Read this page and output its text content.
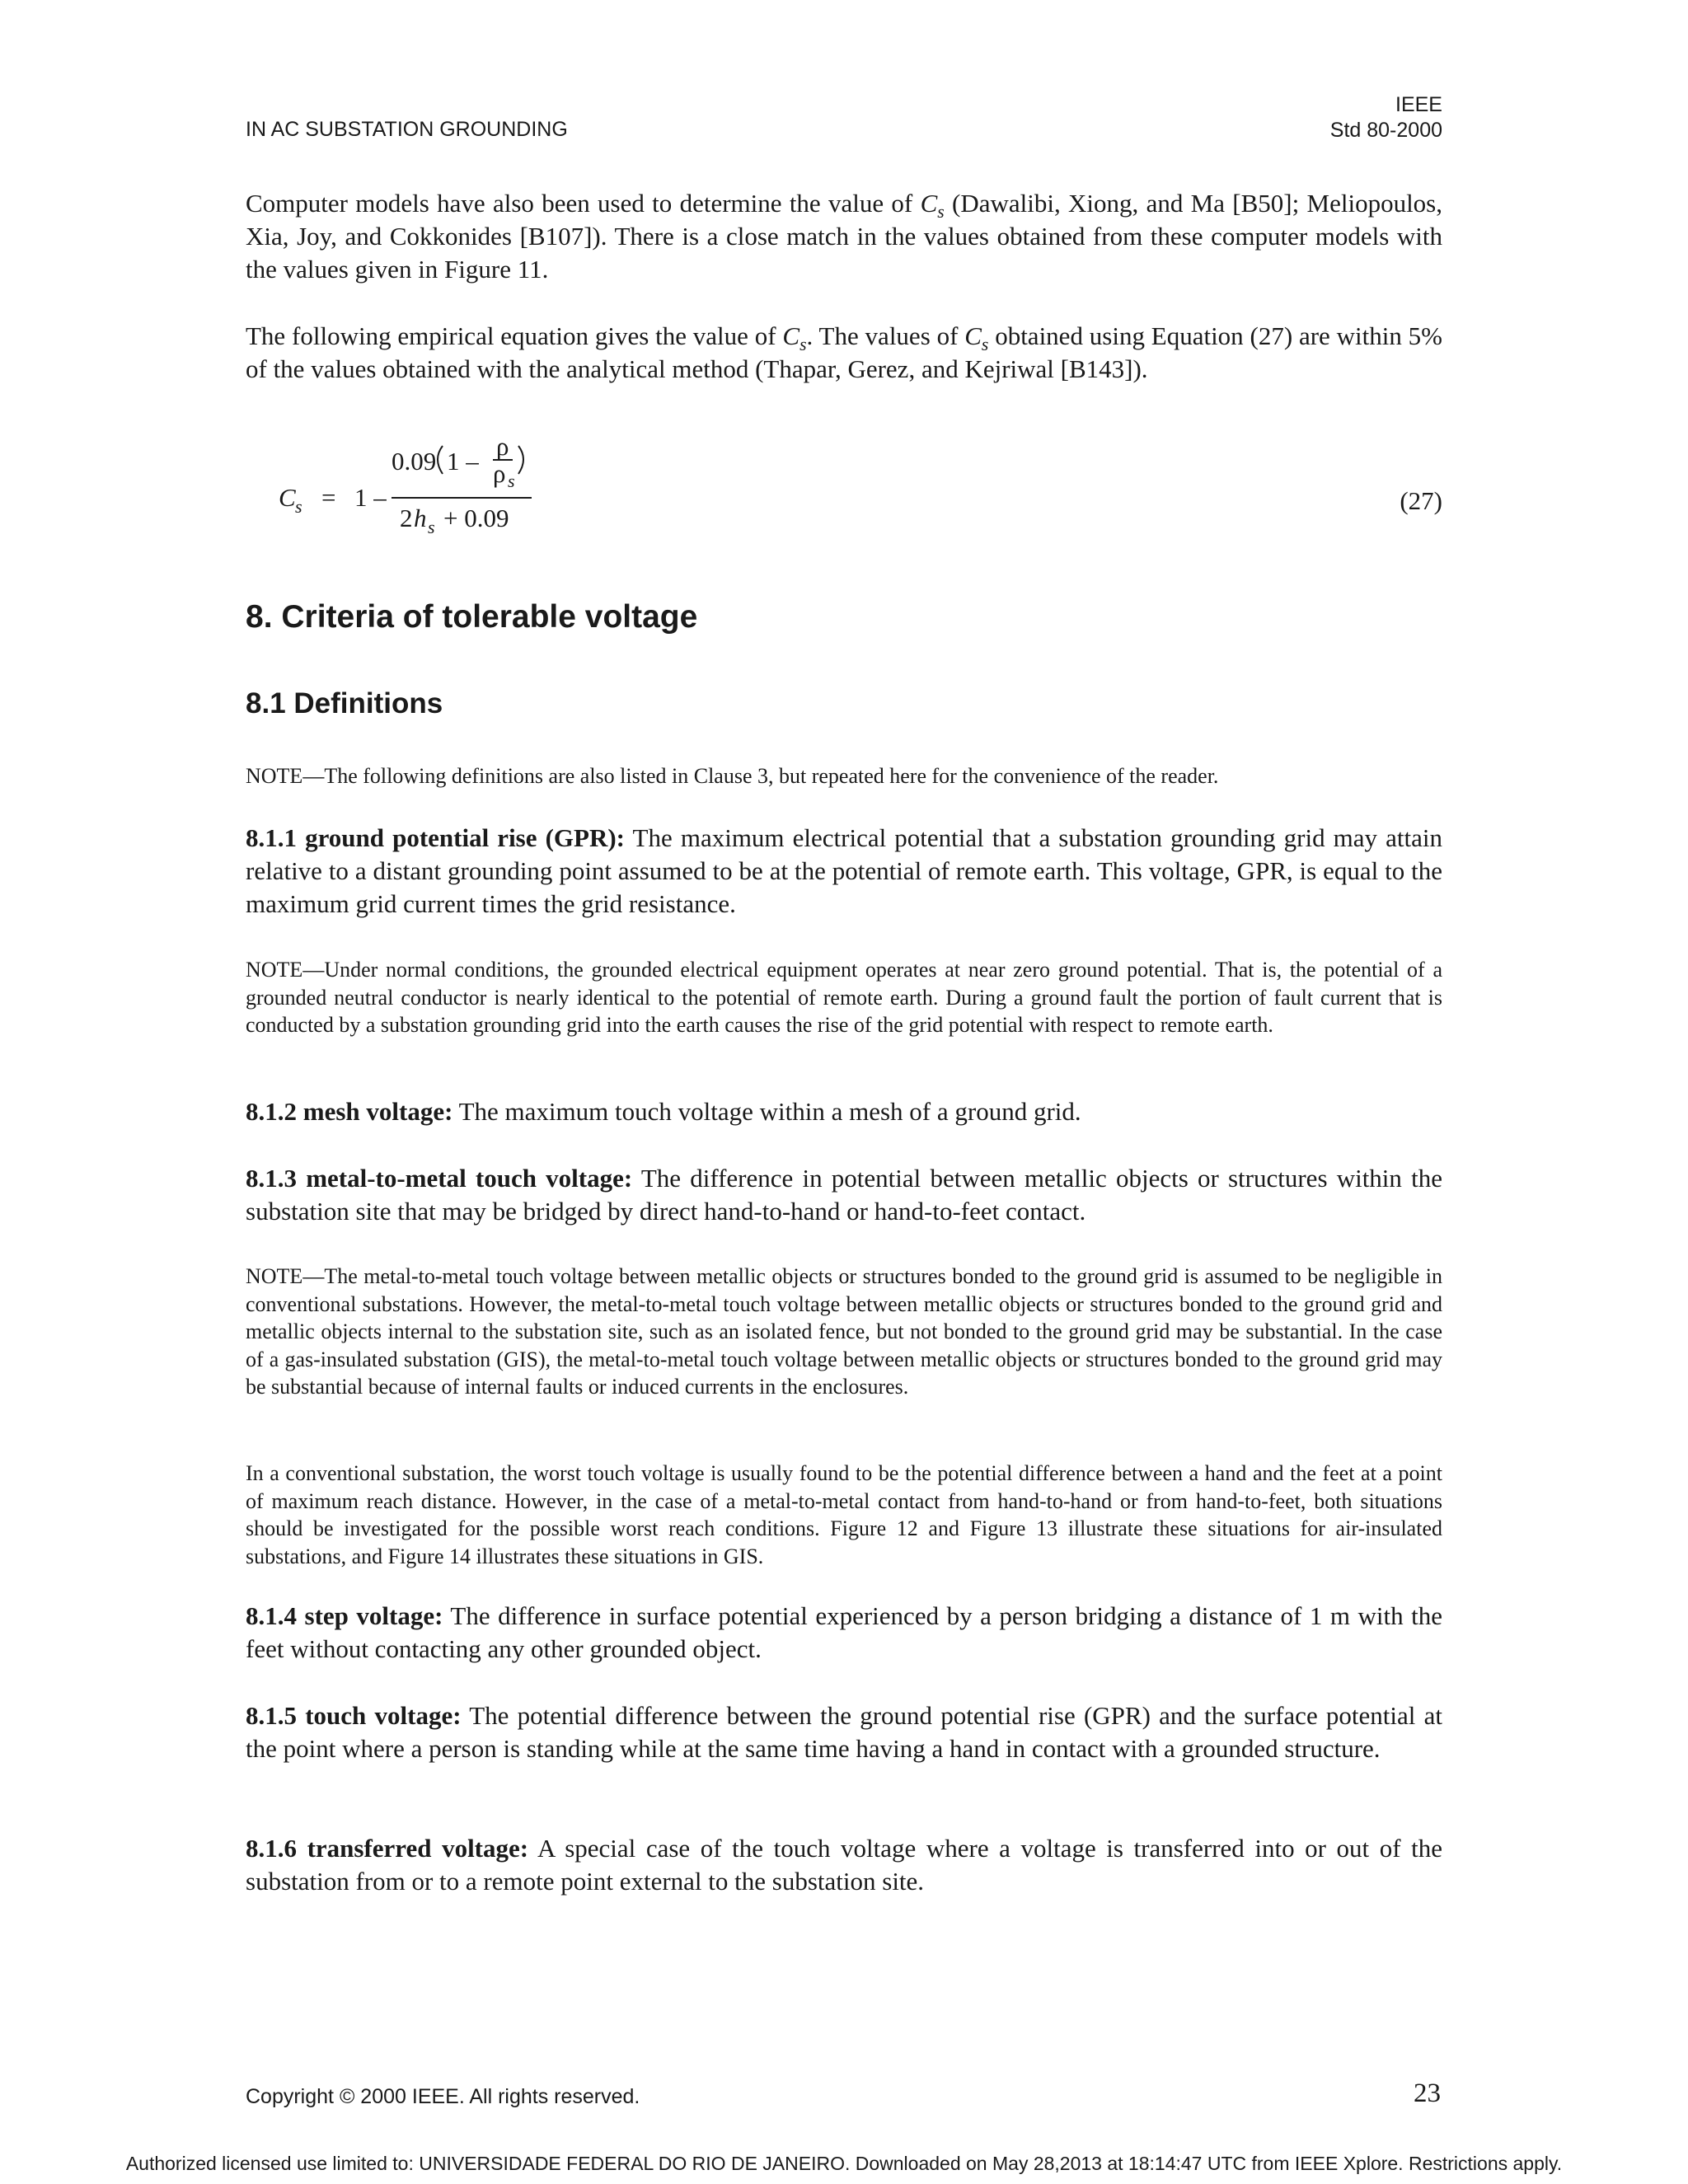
IN AC SUBSTATION GROUNDING
IEEE
Std 80-2000

Computer models have also been used to determine the value of $C_s$ (Dawalibi, Xiong, and Ma [B50]; Meliopoulos, Xia, Joy, and Cokkonides [B107]). There is a close match in the values obtained from these computer models with the values given in Figure 11.

The following empirical equation gives the value of $C_s$. The values of $C_s$ obtained using Equation (27) are within 5% of the values obtained with the analytical method (Thapar, Gerez, and Kejriwal [B143]).

C s = 1 –
0.09 1 –
ρ
ρ s
2 h s + 0.09
(27)
8. Criteria of tolerable voltage
8.1 Definitions

NOTE—The following definitions are also listed in Clause 3, but repeated here for the convenience of the reader.

8.1.1 ground potential rise (GPR): The maximum electrical potential that a substation grounding grid may attain relative to a distant grounding point assumed to be at the potential of remote earth. This voltage, GPR, is equal to the maximum grid current times the grid resistance.

NOTE—Under normal conditions, the grounded electrical equipment operates at near zero ground potential. That is, the potential of a grounded neutral conductor is nearly identical to the potential of remote earth. During a ground fault the portion of fault current that is conducted by a substation grounding grid into the earth causes the rise of the grid potential with respect to remote earth.

8.1.2 mesh voltage: The maximum touch voltage within a mesh of a ground grid.

8.1.3 metal-to-metal touch voltage: The difference in potential between metallic objects or structures within the substation site that may be bridged by direct hand-to-hand or hand-to-feet contact.

NOTE—The metal-to-metal touch voltage between metallic objects or structures bonded to the ground grid is assumed to be negligible in conventional substations. However, the metal-to-metal touch voltage between metallic objects or structures bonded to the ground grid and metallic objects internal to the substation site, such as an isolated fence, but not bonded to the ground grid may be substantial. In the case of a gas-insulated substation (GIS), the metal-to-metal touch voltage between metallic objects or structures bonded to the ground grid may be substantial because of internal faults or induced currents in the enclosures.

In a conventional substation, the worst touch voltage is usually found to be the potential difference between a hand and the feet at a point of maximum reach distance. However, in the case of a metal-to-metal contact from hand-to-hand or from hand-to-feet, both situations should be investigated for the possible worst reach conditions. Figure 12 and Figure 13 illustrate these situations for air-insulated substations, and Figure 14 illustrates these situations in GIS.

8.1.4 step voltage: The difference in surface potential experienced by a person bridging a distance of 1 m with the feet without contacting any other grounded object.

8.1.5 touch voltage: The potential difference between the ground potential rise (GPR) and the surface potential at the point where a person is standing while at the same time having a hand in contact with a grounded structure.

8.1.6 transferred voltage: A special case of the touch voltage where a voltage is transferred into or out of the substation from or to a remote point external to the substation site.

Copyright © 2000 IEEE. All rights reserved.	23
Authorized licensed use limited to: UNIVERSIDADE FEDERAL DO RIO DE JANEIRO. Downloaded on May 28,2013 at 18:14:47 UTC from IEEE Xplore. Restrictions apply.
